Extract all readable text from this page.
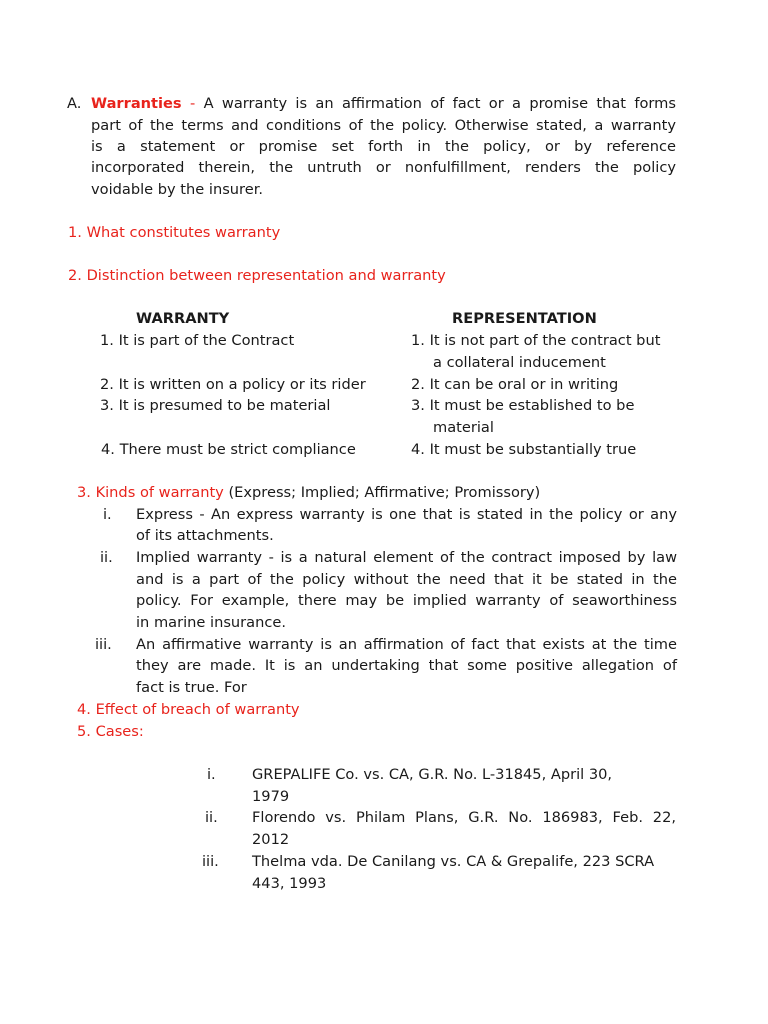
A. Warranties - A warranty is an affirmation of fact or a promise that forms
part of the terms and conditions of the policy. Otherwise stated, a warranty
is a statement or promise set forth in the policy, or by reference
incorporated therein, the untruth or nonfulfillment, renders the policy
voidable by the insurer.
1. What constitutes warranty
2. Distinction between representation and warranty
WARRANTY	REPRESENTATION
1. It is part of the Contract
2. It is written on a policy or its rider
3. It is presumed to be material
4. There must be strict compliance
1. It is not part of the contract but
a collateral inducement
2. It can be oral or in writing
3. It must be established to be
material
4. It must be substantially true
3. Kinds of warranty (Express; Implied; Affirmative; Promissory)
i. Express - An express warranty is one that is stated in the policy or any
of its attachments.
ii. Implied warranty - is a natural element of the contract imposed by law
and is a part of the policy without the need that it be stated in the
policy. For example, there may be implied warranty of seaworthiness
in marine insurance.
iii. An affirmative warranty is an affirmation of fact that exists at the time
they are made. It is an undertaking that some positive allegation of
fact is true. For
4. Effect of breach of warranty
5. Cases:
i. GREPALIFE Co. vs. CA, G.R. No. L-31845, April 30,
1979
ii. Florendo vs. Philam Plans, G.R. No. 186983, Feb. 22,
2012
iii. Thelma vda. De Canilang vs. CA & Grepalife, 223 SCRA
443, 1993
